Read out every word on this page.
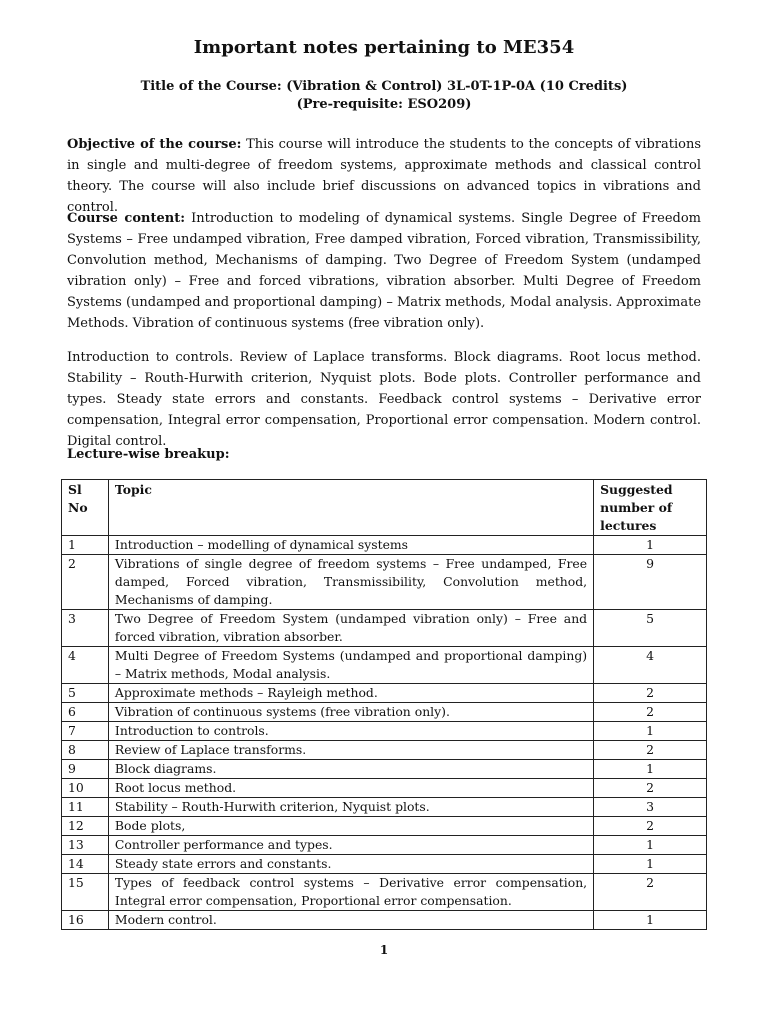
Important notes pertaining to ME354
Title of the Course: (Vibration & Control) 3L-0T-1P-0A (10 Credits)
(Pre-requisite: ESO209)

Objective of the course: This course will introduce the students to the concepts of vibrations in single and multi-degree of freedom systems, approximate methods and classical control theory. The course will also include brief discussions on advanced topics in vibrations and control.

Course content: Introduction to modeling of dynamical systems. Single Degree of Freedom Systems – Free undamped vibration, Free damped vibration, Forced vibration, Transmissibility, Convolution method, Mechanisms of damping. Two Degree of Freedom System (undamped vibration only) – Free and forced vibrations, vibration absorber. Multi Degree of Freedom Systems (undamped and proportional damping) – Matrix methods, Modal analysis. Approximate Methods. Vibration of continuous systems (free vibration only).

Introduction to controls. Review of Laplace transforms. Block diagrams. Root locus method. Stability – Routh-Hurwith criterion, Nyquist plots. Bode plots. Controller performance and types. Steady state errors and constants. Feedback control systems – Derivative error compensation, Integral error compensation, Proportional error compensation. Modern control. Digital control.

Lecture-wise breakup:

Sl No	Topic	Suggested number of lectures
1	Introduction – modelling of dynamical systems	1
2	Vibrations of single degree of freedom systems – Free undamped, Free damped, Forced vibration, Transmissibility, Convolution method, Mechanisms of damping.	9
3	Two Degree of Freedom System (undamped vibration only) – Free and forced vibration, vibration absorber.	5
4	Multi Degree of Freedom Systems (undamped and proportional damping) – Matrix methods, Modal analysis.	4
5	Approximate methods – Rayleigh method.	2
6	Vibration of continuous systems (free vibration only).	2
7	Introduction to controls.	1
8	Review of Laplace transforms.	2
9	Block diagrams.	1
10	Root locus method.	2
11	Stability – Routh-Hurwith criterion, Nyquist plots.	3
12	Bode plots,	2
13	Controller performance and types.	1
14	Steady state errors and constants.	1
15	Types of feedback control systems – Derivative error compensation, Integral error compensation, Proportional error compensation.	2
16	Modern control.	1
1
